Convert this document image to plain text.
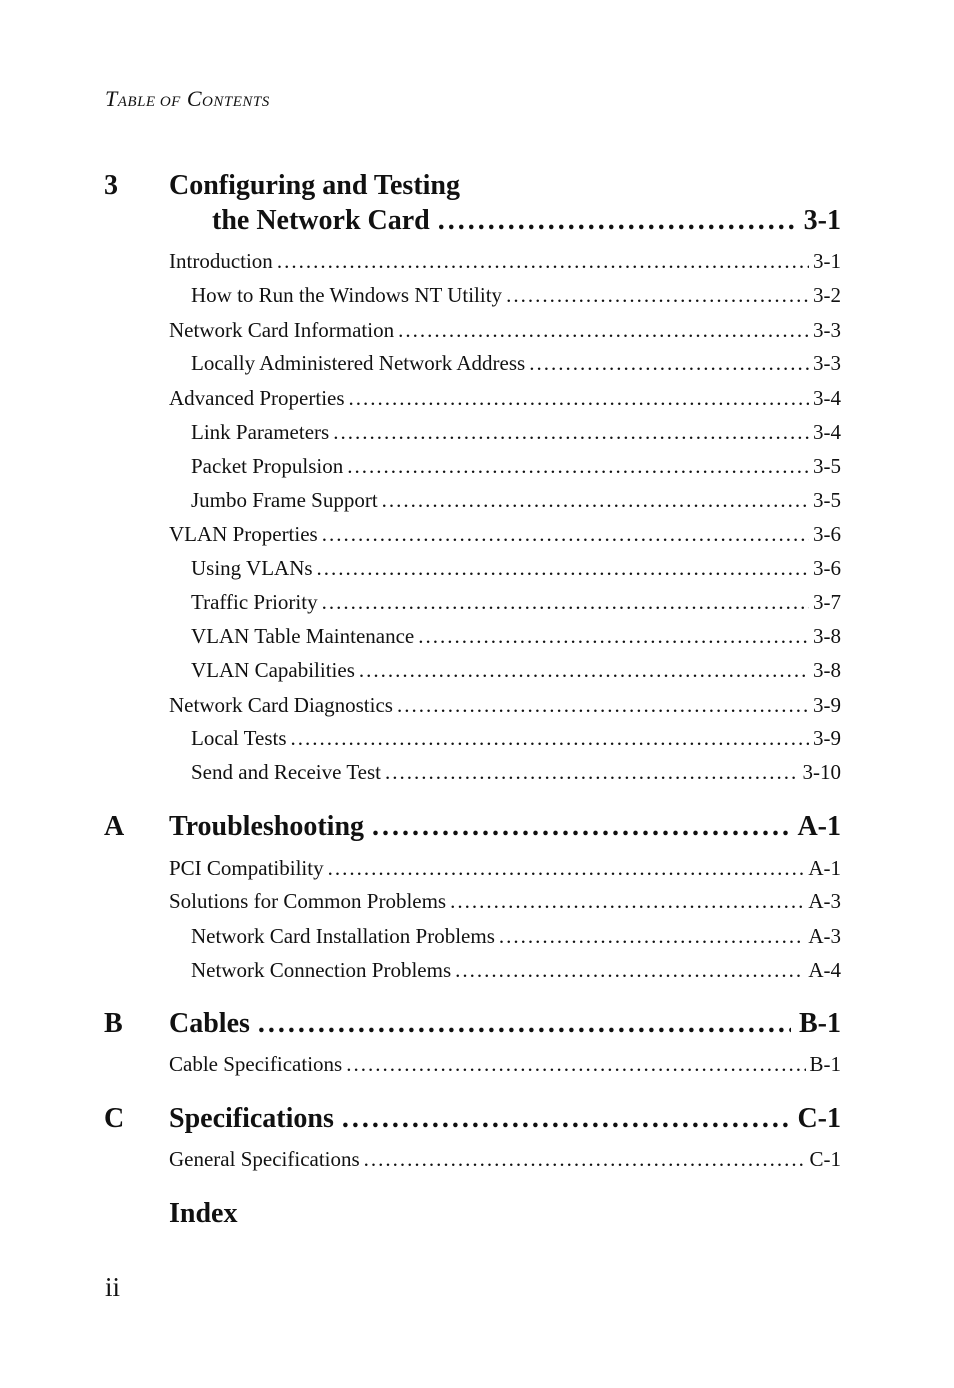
TABLE OF CONTENTS
3 Configuring and Testing
the Network Card .....	3-1
Introduction .....	3-1
How to Run the Windows NT Utility .....	3-2
Network Card Information .....	3-3
Locally Administered Network Address .....	3-3
Advanced Properties .....	3-4
Link Parameters .....	3-4
Packet Propulsion .....	3-5
Jumbo Frame Support .....	3-5
VLAN Properties .....	3-6
Using VLANs .....	3-6
Traffic Priority .....	3-7
VLAN Table Maintenance .....	3-8
VLAN Capabilities .....	3-8
Network Card Diagnostics .....	3-9
Local Tests .....	3-9
Send and Receive Test .....	3-10
A Troubleshooting .....	A-1
PCI Compatibility .....	A-1
Solutions for Common Problems .....	A-3
Network Card Installation Problems .....	A-3
Network Connection Problems .....	A-4
B Cables .....	B-1
Cable Specifications .....	B-1
C Specifications .....	C-1
General Specifications .....	C-1
Index
ii
